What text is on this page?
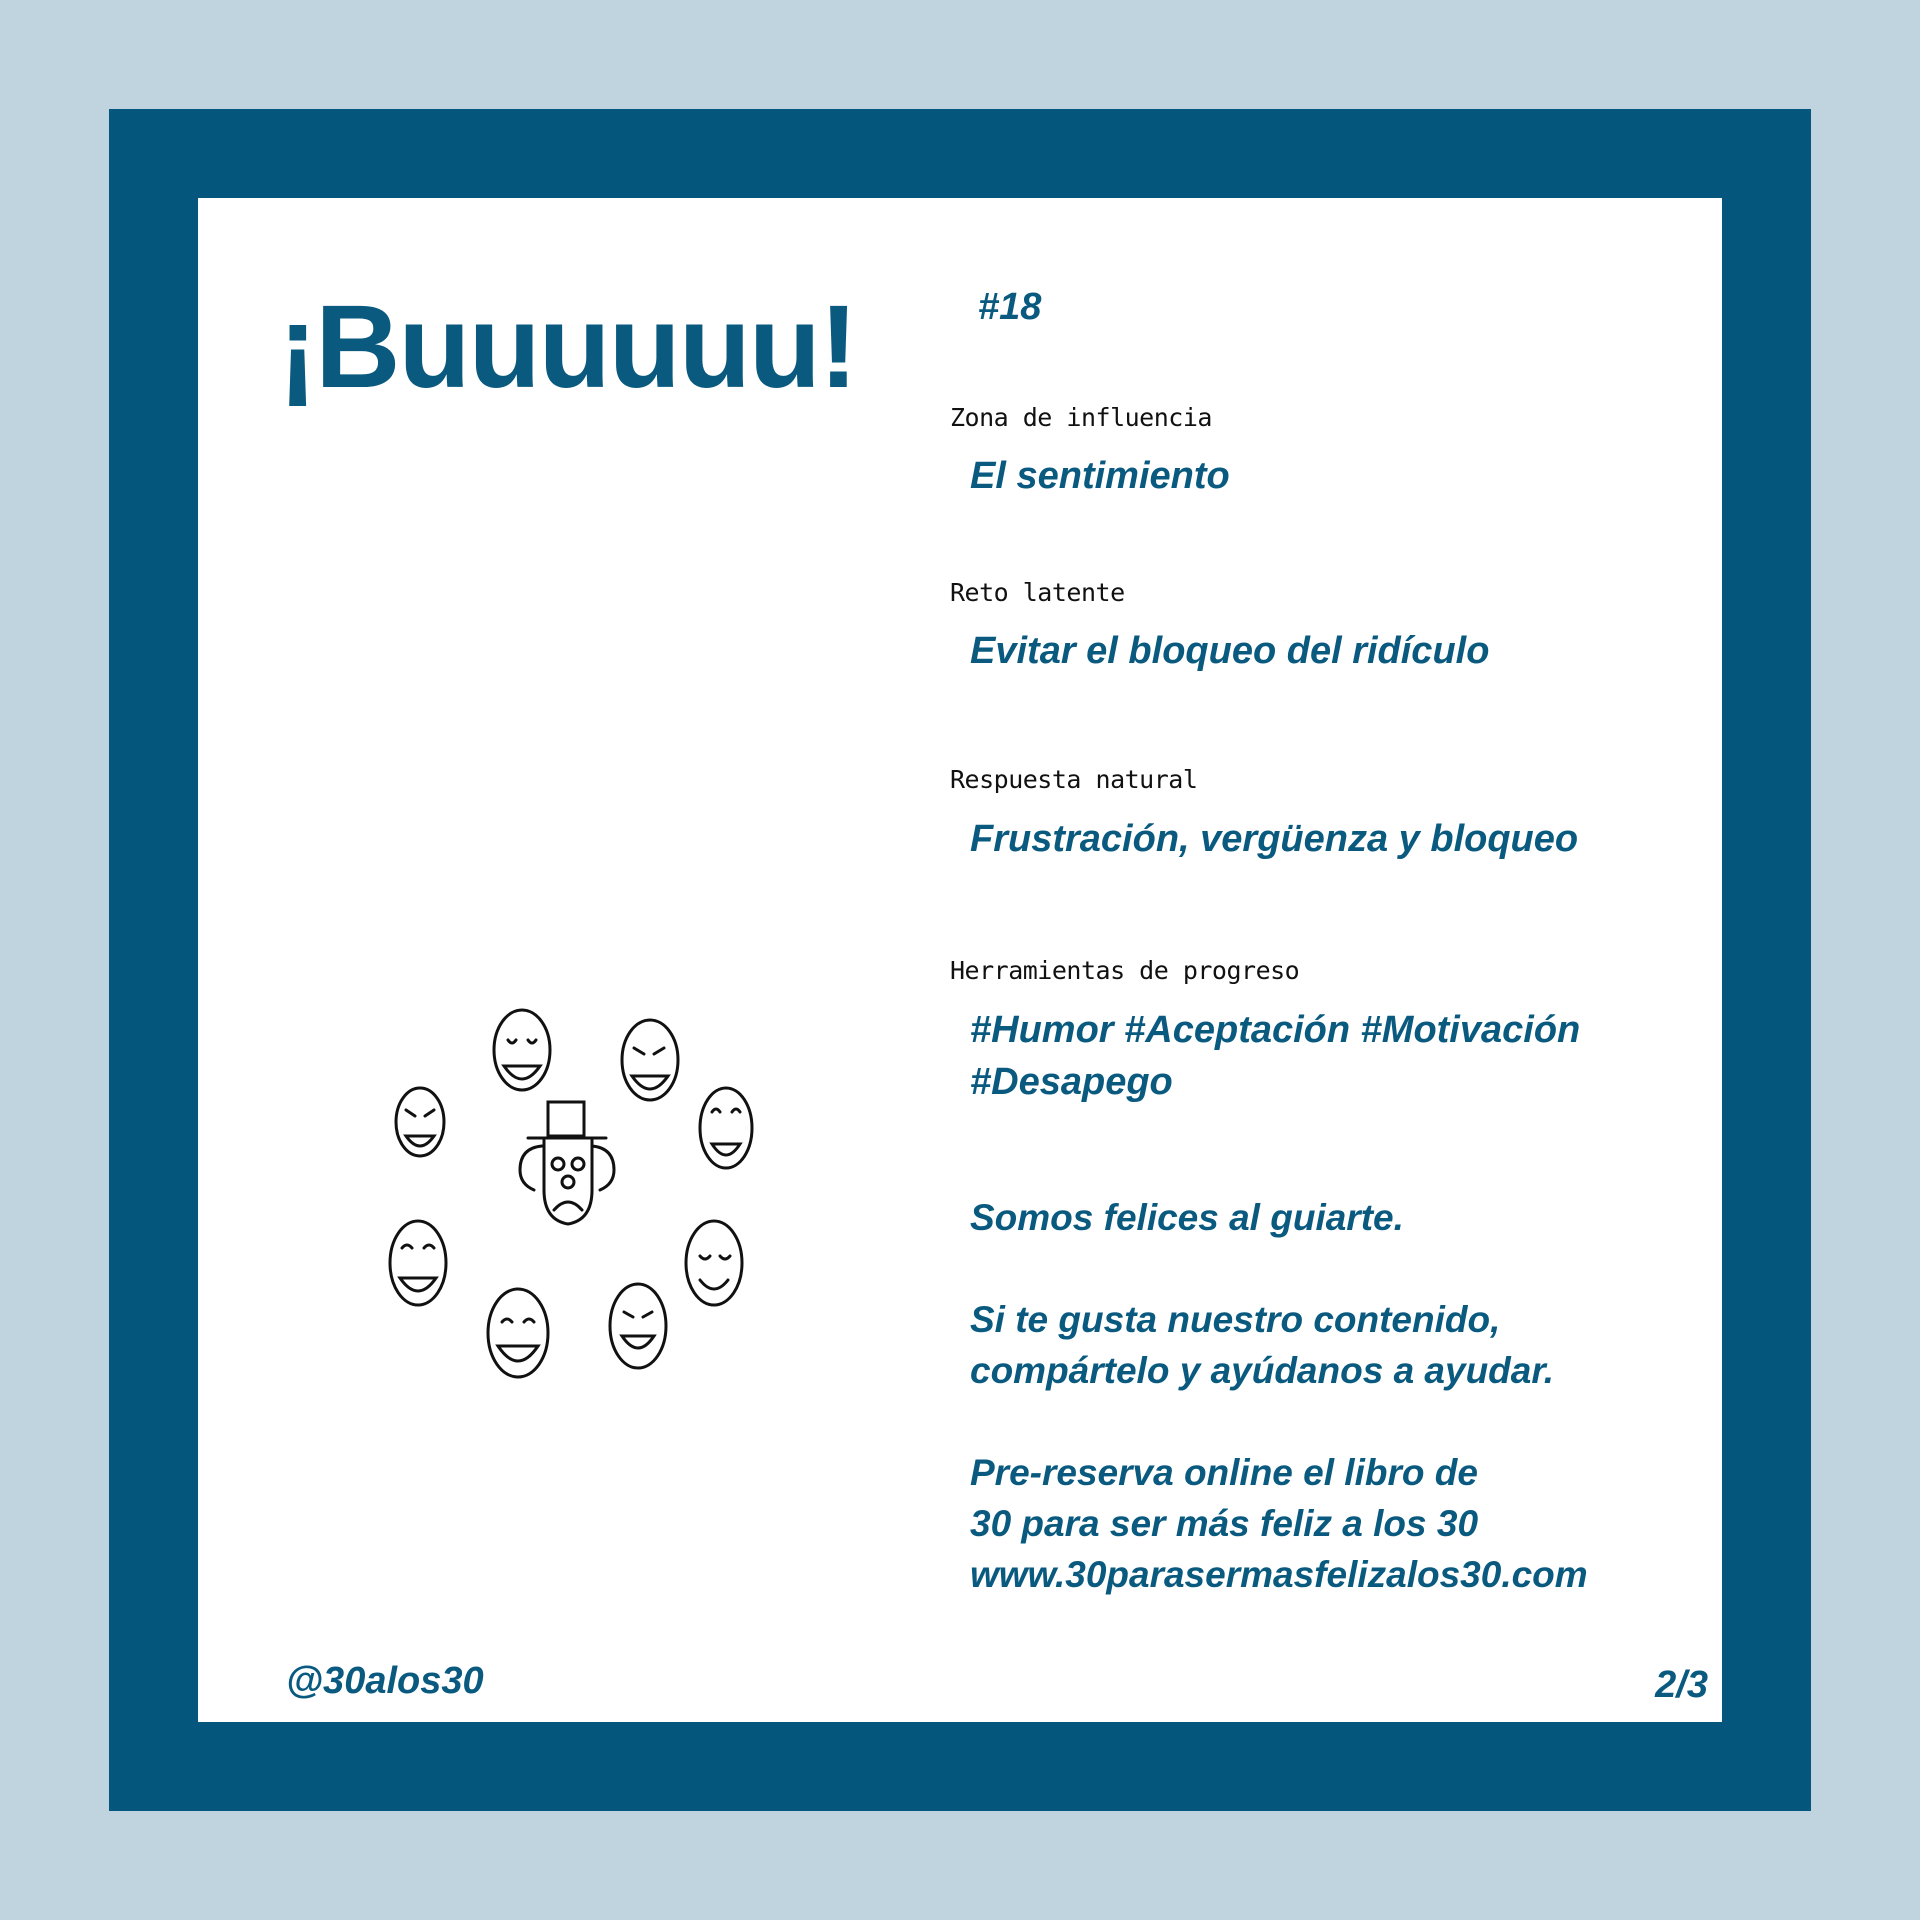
¡Buuuuuu!	#18
Zona de influencia
El sentimiento
Reto latente
Evitar el bloqueo del ridículo
Respuesta natural
Frustración, vergüenza y bloqueo
Herramientas de progreso
#Humor #Aceptación #Motivación
#Desapego
Somos felices al guiarte.
Si te gusta nuestro contenido,
compártelo y ayúdanos a ayudar.
Pre-reserva online el libro de
30 para ser más feliz a los 30
www.30parasermasfelizalos30.com
@30alos30	2/3
